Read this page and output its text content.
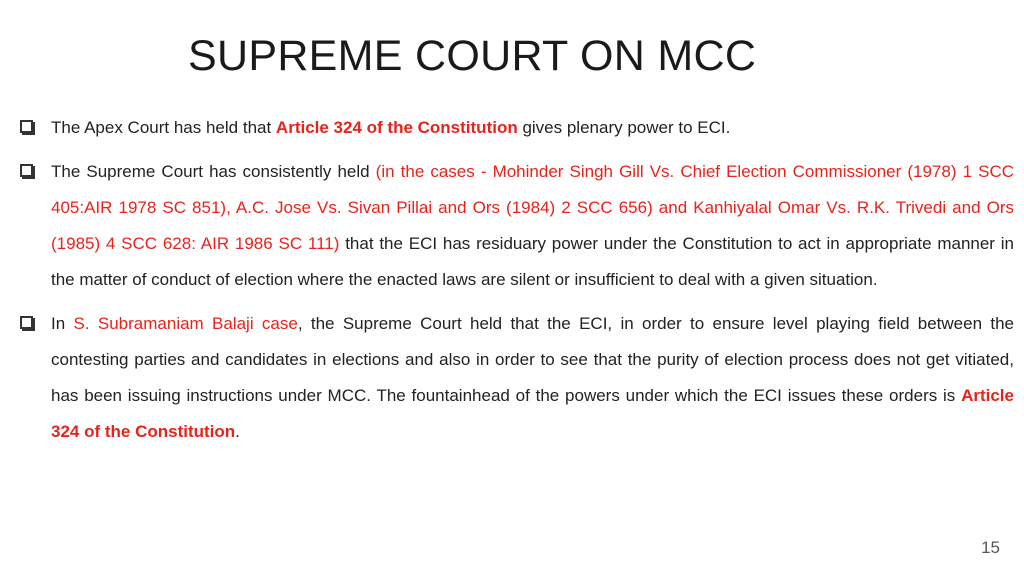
SUPREME COURT ON MCC
The Apex Court has held that Article 324 of the Constitution gives plenary power to ECI.
The Supreme Court has consistently held (in the cases - Mohinder Singh Gill Vs. Chief Election Commissioner (1978) 1 SCC 405:AIR 1978 SC 851), A.C. Jose Vs. Sivan Pillai and Ors (1984) 2 SCC 656) and Kanhiyalal Omar Vs. R.K. Trivedi and Ors (1985) 4 SCC 628: AIR 1986 SC 111) that the ECI has residuary power under the Constitution to act in appropriate manner in the matter of conduct of election where the enacted laws are silent or insufficient to deal with a given situation.
In S. Subramaniam Balaji case, the Supreme Court held that the ECI, in order to ensure level playing field between the contesting parties and candidates in elections and also in order to see that the purity of election process does not get vitiated, has been issuing instructions under MCC. The fountainhead of the powers under which the ECI issues these orders is Article 324 of the Constitution.
15
